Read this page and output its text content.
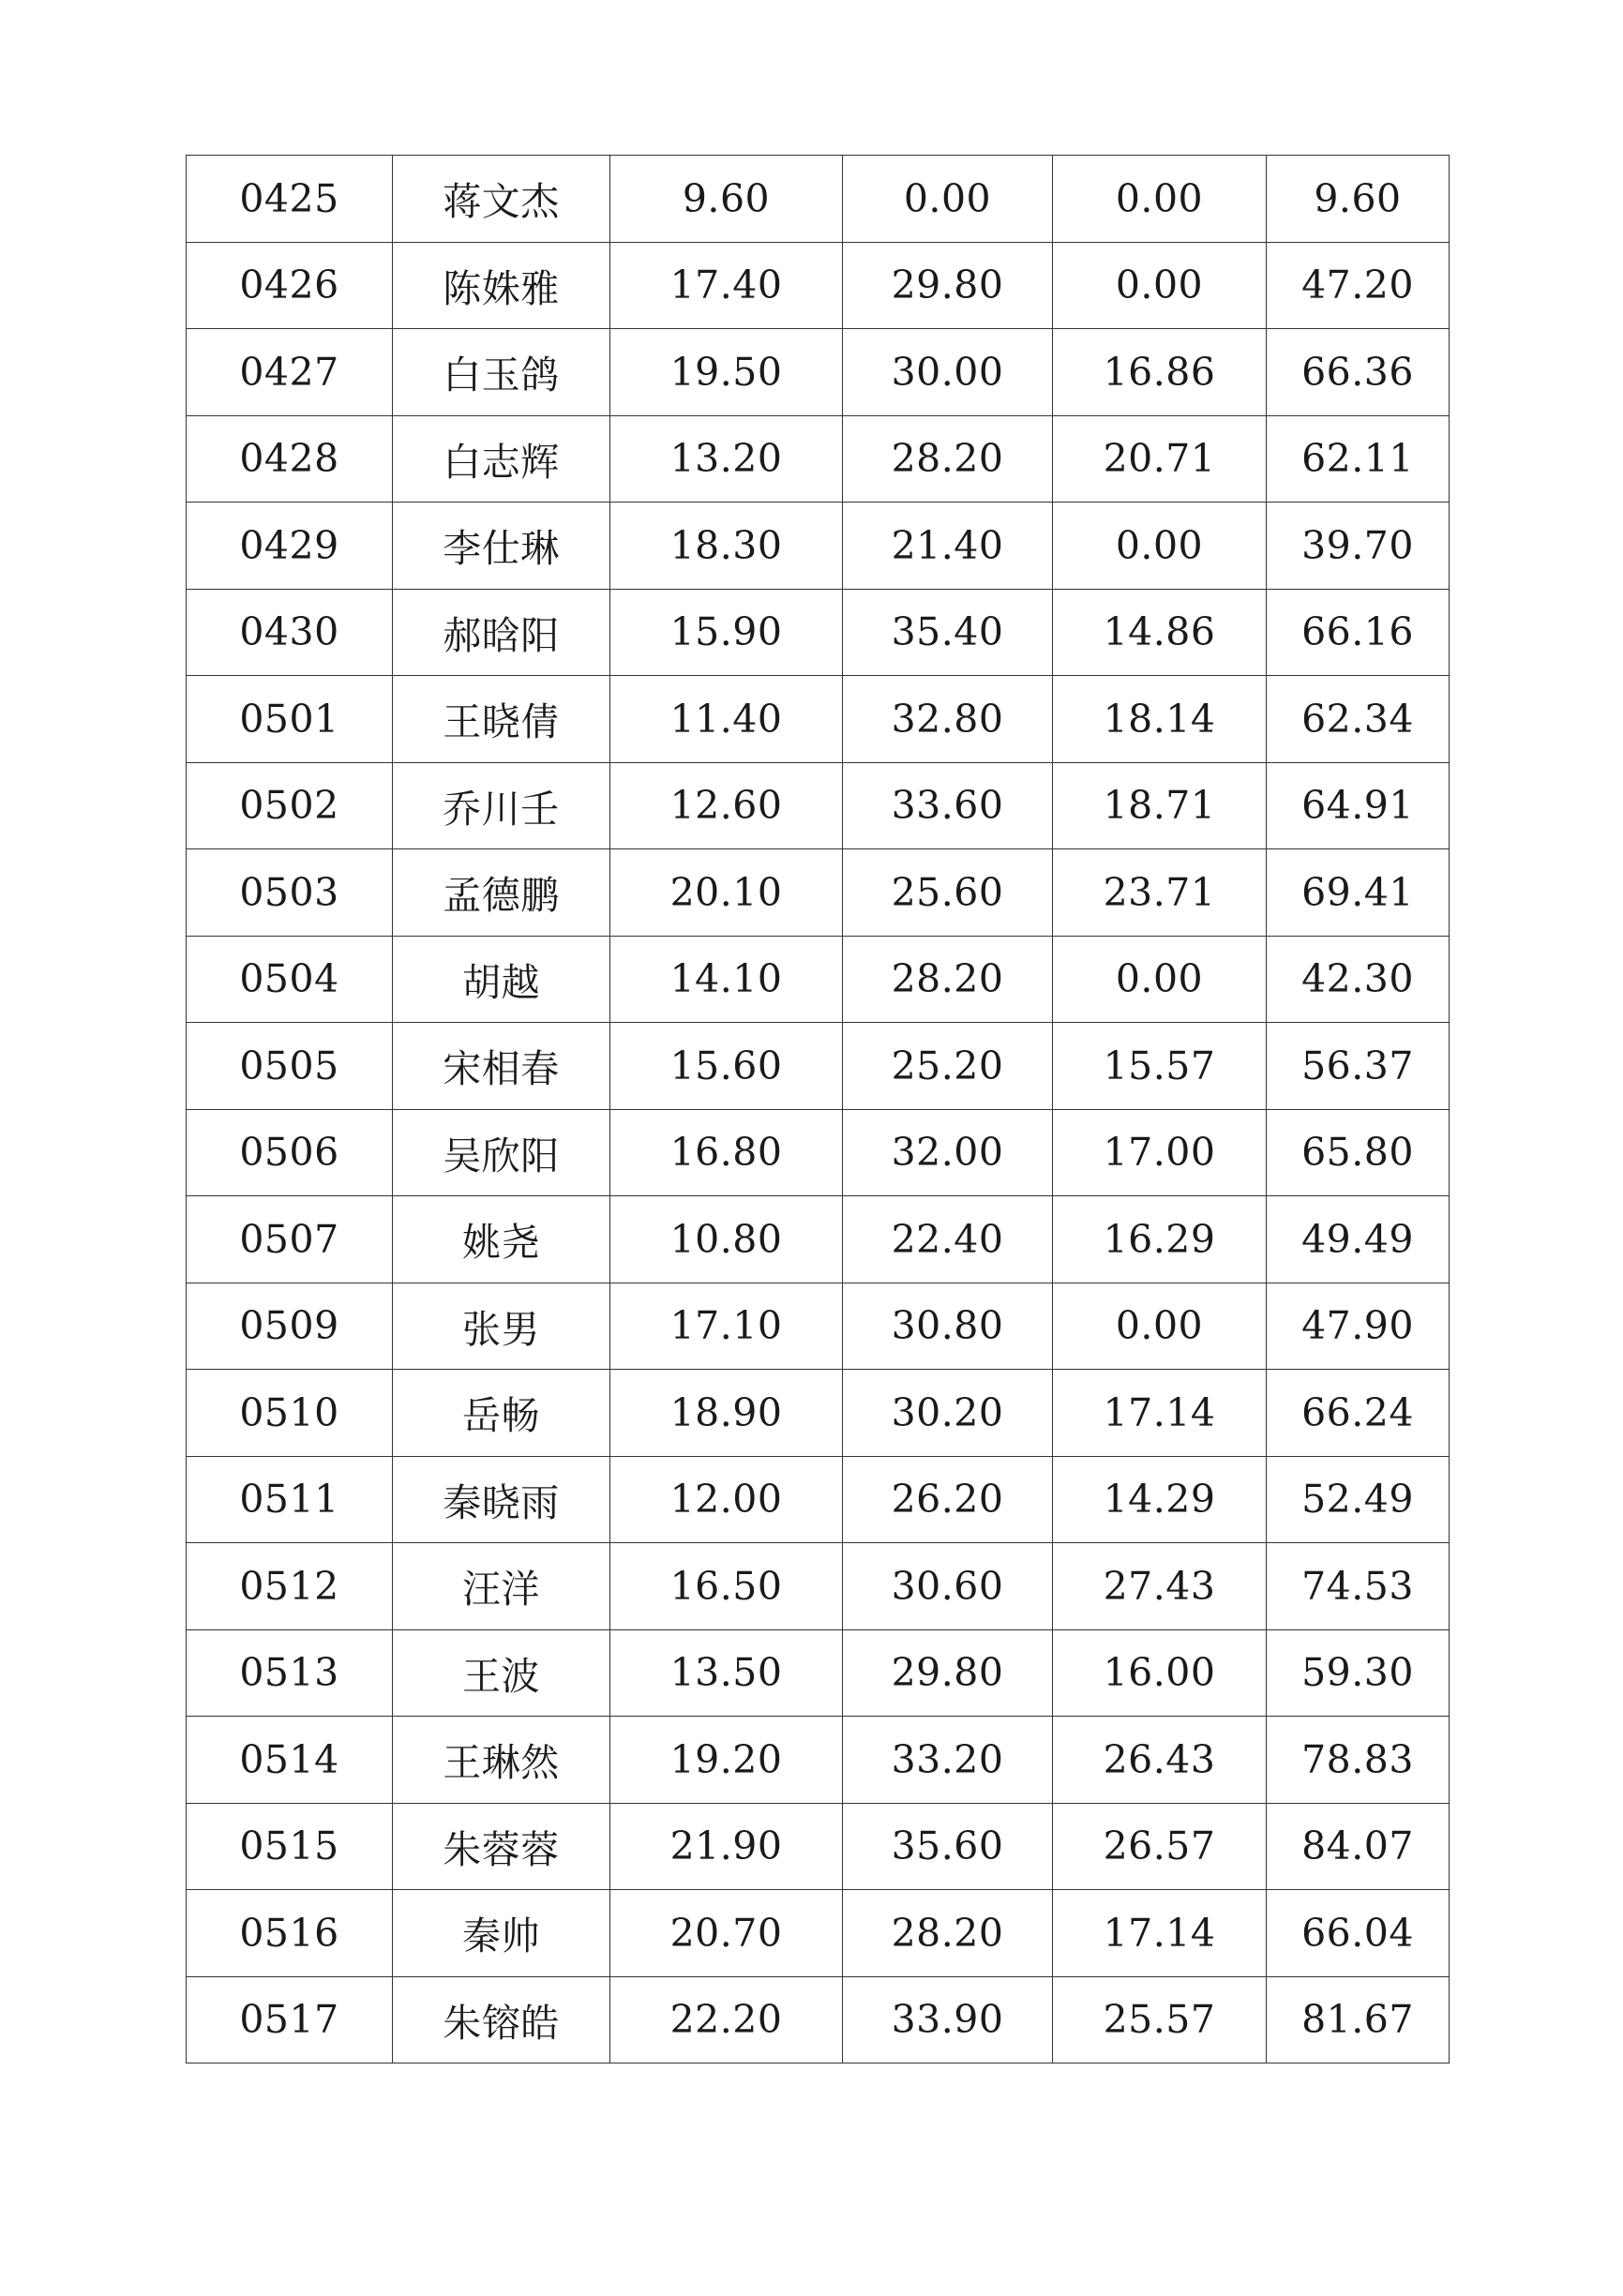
0425	蒋文杰	9.60	0.00	0.00	9.60
0426	陈姝雅	17.40	29.80	0.00	47.20
0427	白玉鸽	19.50	30.00	16.86	66.36
0428	白志辉	13.20	28.20	20.71	62.11
0429	李仕琳	18.30	21.40	0.00	39.70
0430	郝晗阳	15.90	35.40	14.86	66.16
0501	王晓倩	11.40	32.80	18.14	62.34
0502	乔川壬	12.60	33.60	18.71	64.91
0503	孟德鹏	20.10	25.60	23.71	69.41
0504	胡越	14.10	28.20	0.00	42.30
0505	宋相春	15.60	25.20	15.57	56.37
0506	吴欣阳	16.80	32.00	17.00	65.80
0507	姚尧	10.80	22.40	16.29	49.49
0509	张男	17.10	30.80	0.00	47.90
0510	岳畅	18.90	30.20	17.14	66.24
0511	秦晓雨	12.00	26.20	14.29	52.49
0512	汪洋	16.50	30.60	27.43	74.53
0513	王波	13.50	29.80	16.00	59.30
0514	王琳然	19.20	33.20	26.43	78.83
0515	朱蓉蓉	21.90	35.60	26.57	84.07
0516	秦帅	20.70	28.20	17.14	66.04
0517	朱镕皓	22.20	33.90	25.57	81.67
